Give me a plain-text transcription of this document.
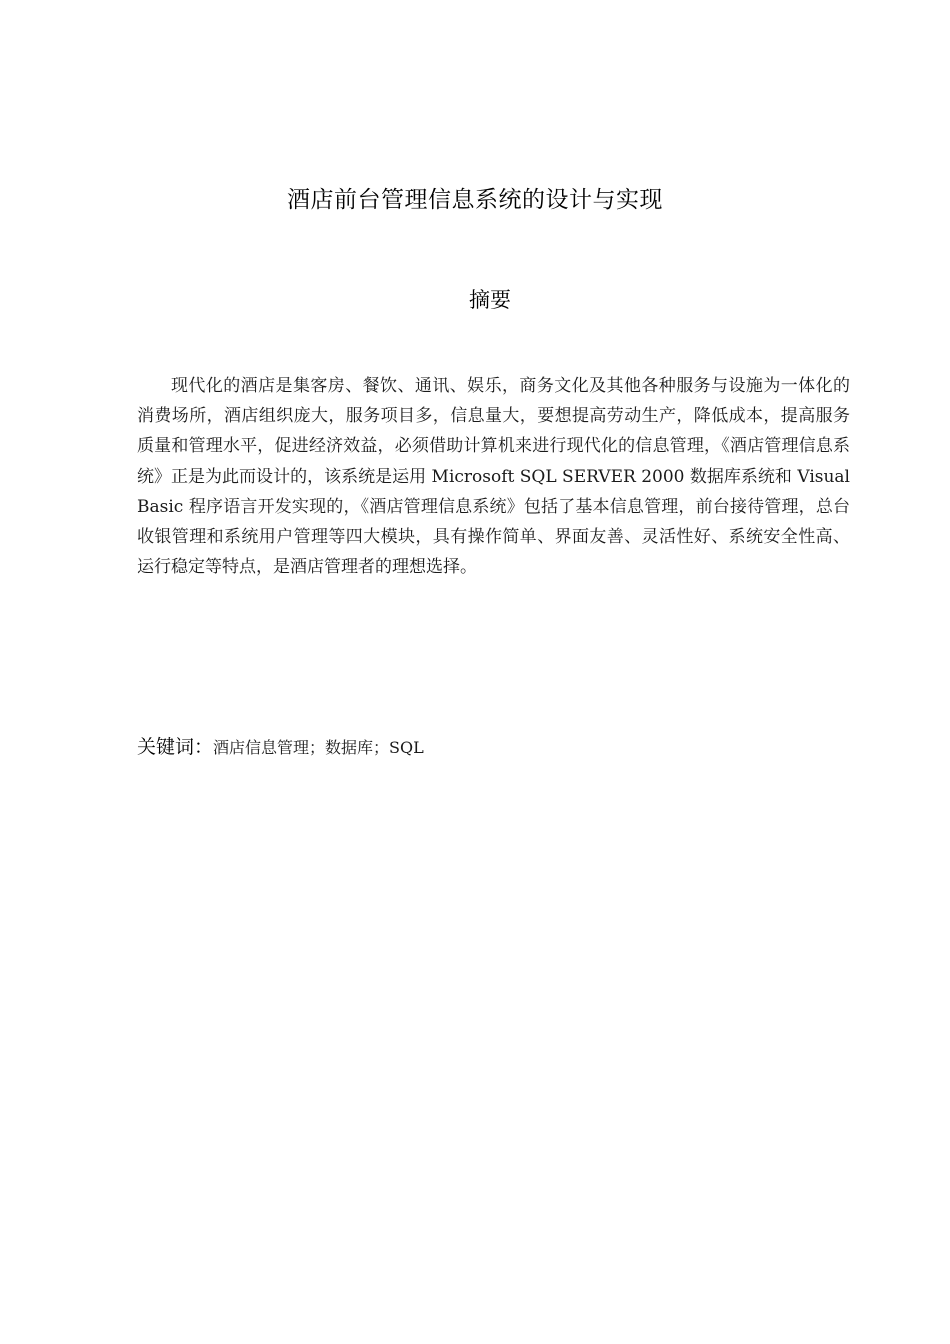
酒店前台管理信息系统的设计与实现
摘要

现代化的酒店是集客房、餐饮、通讯、娱乐，商务文化及其他各种服务与设施为一体化的消费场所，酒店组织庞大，服务项目多，信息量大，要想提高劳动生产，降低成本，提高服务质量和管理水平，促进经济效益，必须借助计算机来进行现代化的信息管理，《酒店管理信息系统》正是为此而设计的，该系统是运用 Microsoft SQL SERVER 2000 数据库系统和 Visual Basic 程序语言开发实现的，《酒店管理信息系统》包括了基本信息管理，前台接待管理，总台收银管理和系统用户管理等四大模块，具有操作简单、界面友善、灵活性好、系统安全性高、运行稳定等特点，是酒店管理者的理想选择。

关键词：酒店信息管理；数据库；SQL
